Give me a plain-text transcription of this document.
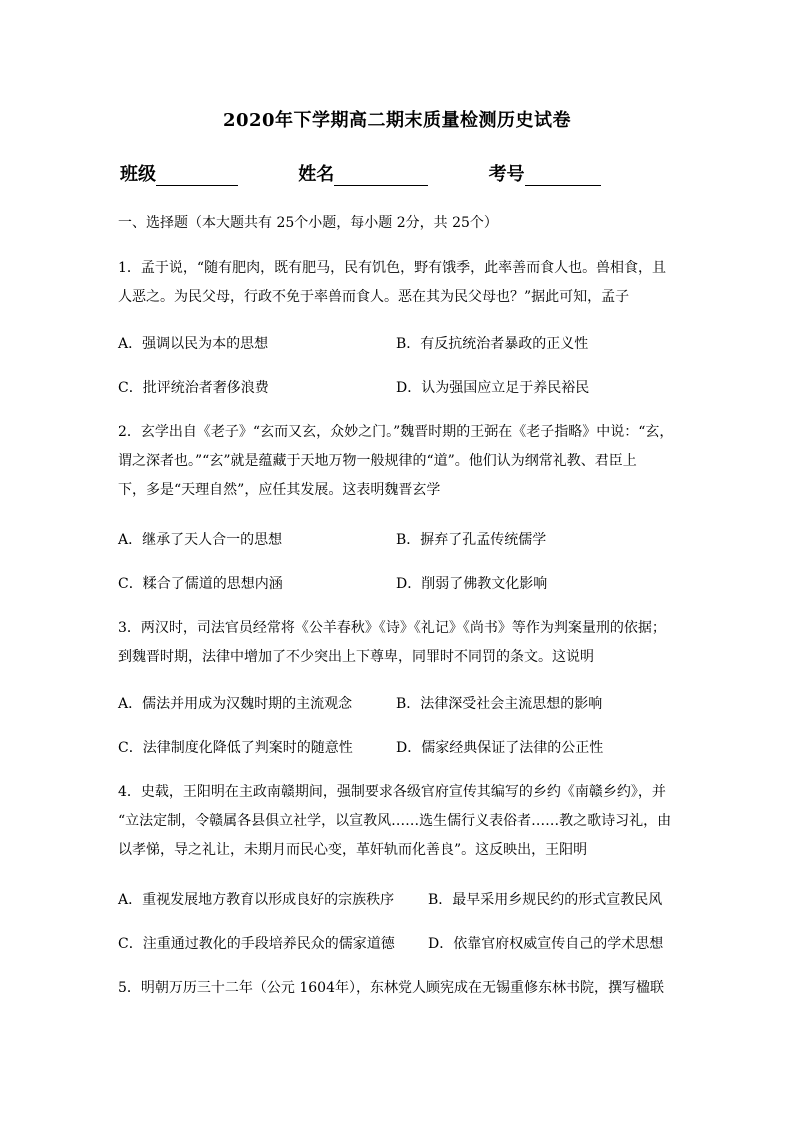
2020年下学期高二期末质量检测历史试卷
班级	姓名	考号
一、选择题（本大题共有 25个小题，每小题 2分，共 25个）
1．孟于说，“随有肥肉，既有肥马，民有饥色，野有饿季，此率善而食人也。兽相食，且
人恶之。为民父母，行政不免于率兽而食人。恶在其为民父母也？”据此可知，孟子
A．强调以民为本的思想	B．有反抗统治者暴政的正义性
C．批评统治者奢侈浪费	D．认为强国应立足于养民裕民
2．玄学出自《老子》“玄而又玄，众妙之门。”魏晋时期的王弼在《老子指略》中说：“玄，
谓之深者也。”“玄”就是蕴藏于天地万物一般规律的“道”。他们认为纲常礼教、君臣上
下，多是“天理自然”，应任其发展。这表明魏晋玄学
A．继承了天人合一的思想	B．摒弃了孔孟传统儒学
C．糅合了儒道的思想内涵	D．削弱了佛教文化影响
3．两汉时，司法官员经常将《公羊春秋》《诗》《礼记》《尚书》等作为判案量刑的依据；
到魏晋时期，法律中增加了不少突出上下尊卑，同罪时不同罚的条文。这说明
A．儒法并用成为汉魏时期的主流观念	B．法律深受社会主流思想的影响
C．法律制度化降低了判案时的随意性	D．儒家经典保证了法律的公正性
4．史载，王阳明在主政南赣期间，强制要求各级官府宣传其编写的乡约《南赣乡约》，并
“立法定制，令赣属各县俱立社学，以宣教风……选生儒行义表俗者……教之歌诗习礼，由
以孝悌，导之礼让，未期月而民心变，革奸轨而化善良”。这反映出，王阳明
A．重视发展地方教育以形成良好的宗族秩序 B．最早采用乡规民约的形式宣教民风
C．注重通过教化的手段培养民众的儒家道德 D．依靠官府权威宣传自己的学术思想
5．明朝万历三十二年（公元 1604年），东林党人顾宪成在无锡重修东林书院，撰写楹联
